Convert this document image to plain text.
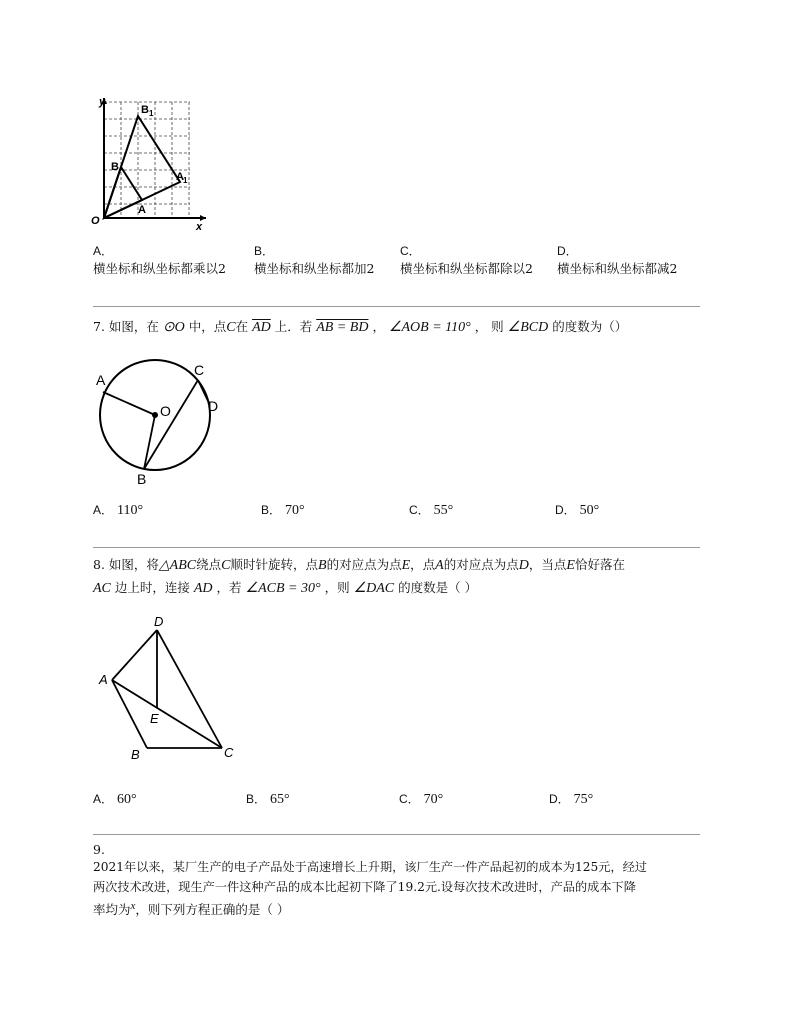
y
x
O
B 1
B
A 1
A
A．
横坐标和纵坐标都乘以2
B．
横坐标和纵坐标都加2
C．
横坐标和纵坐标都除以2
D．
横坐标和纵坐标都减2
7. 如图，在 ⊙O 中，点C在 $\overline{AD}$ 上．若 AB = BD ， ∠AOB = 110° ， 则 ∠BCD 的度数为（）
A
O
C
D
B
A． 110°	B． 70°	C． 55°	D． 50°
8. 如图，将△ABC绕点C顺时针旋转，点B的对应点为点E，点A的对应点为点D，当点E恰好落在
AC 边上时，连接 AD ，若 ∠ACB = 30° ，则 ∠DAC 的度数是（ ）
D
A
E
B	C
A． 60°	B． 65°	C． 70°	D． 75°
9.
2021年以来，某厂生产的电子产品处于高速增长上升期，该厂生产一件产品起初的成本为125元，经过
两次技术改进，现生产一件这种产品的成本比起初下降了19.2元.设每次技术改进时，产品的成本下降
率均为$^x$，则下列方程正确的是（ ）
